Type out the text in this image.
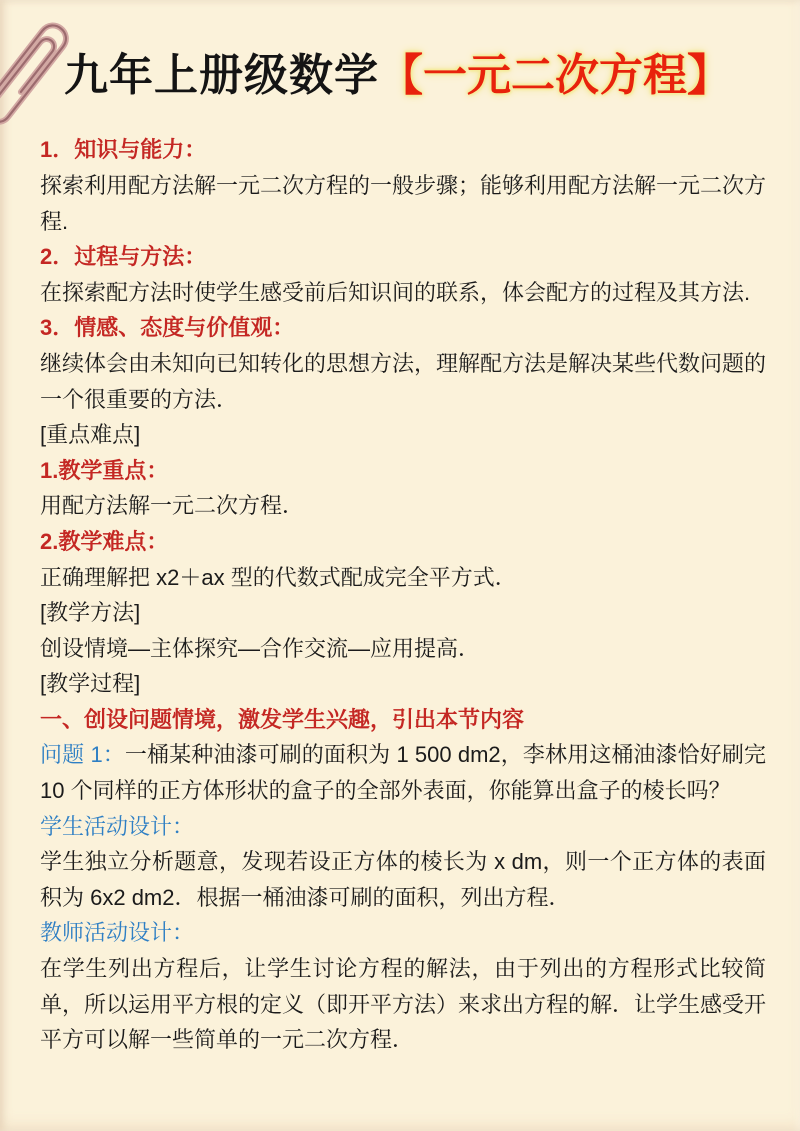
九年上册级数学【一元二次方程】

1．知识与能力：

探索利用配方法解一元二次方程的一般步骤；能够利用配方法解一元二次方程.

2．过程与方法：

在探索配方法时使学生感受前后知识间的联系，体会配方的过程及其方法.

3．情感、态度与价值观：

继续体会由未知向已知转化的思想方法，理解配方法是解决某些代数问题的一个很重要的方法．

[重点难点]

1.教学重点：

用配方法解一元二次方程．

2.教学难点：

正确理解把 x2＋ax 型的代数式配成完全平方式．

[教学方法]

创设情境—主体探究—合作交流—应用提高．

[教学过程]

一、创设问题情境，激发学生兴趣，引出本节内容

问题 1：一桶某种油漆可刷的面积为 1 500 dm2，李林用这桶油漆恰好刷完 10 个同样的正方体形状的盒子的全部外表面，你能算出盒子的棱长吗？

学生活动设计：

学生独立分析题意，发现若设正方体的棱长为 x dm，则一个正方体的表面积为 6x2 dm2．根据一桶油漆可刷的面积，列出方程．

教师活动设计：

在学生列出方程后，让学生讨论方程的解法，由于列出的方程形式比较简单，所以运用平方根的定义（即开平方法）来求出方程的解．让学生感受开平方可以解一些简单的一元二次方程．
